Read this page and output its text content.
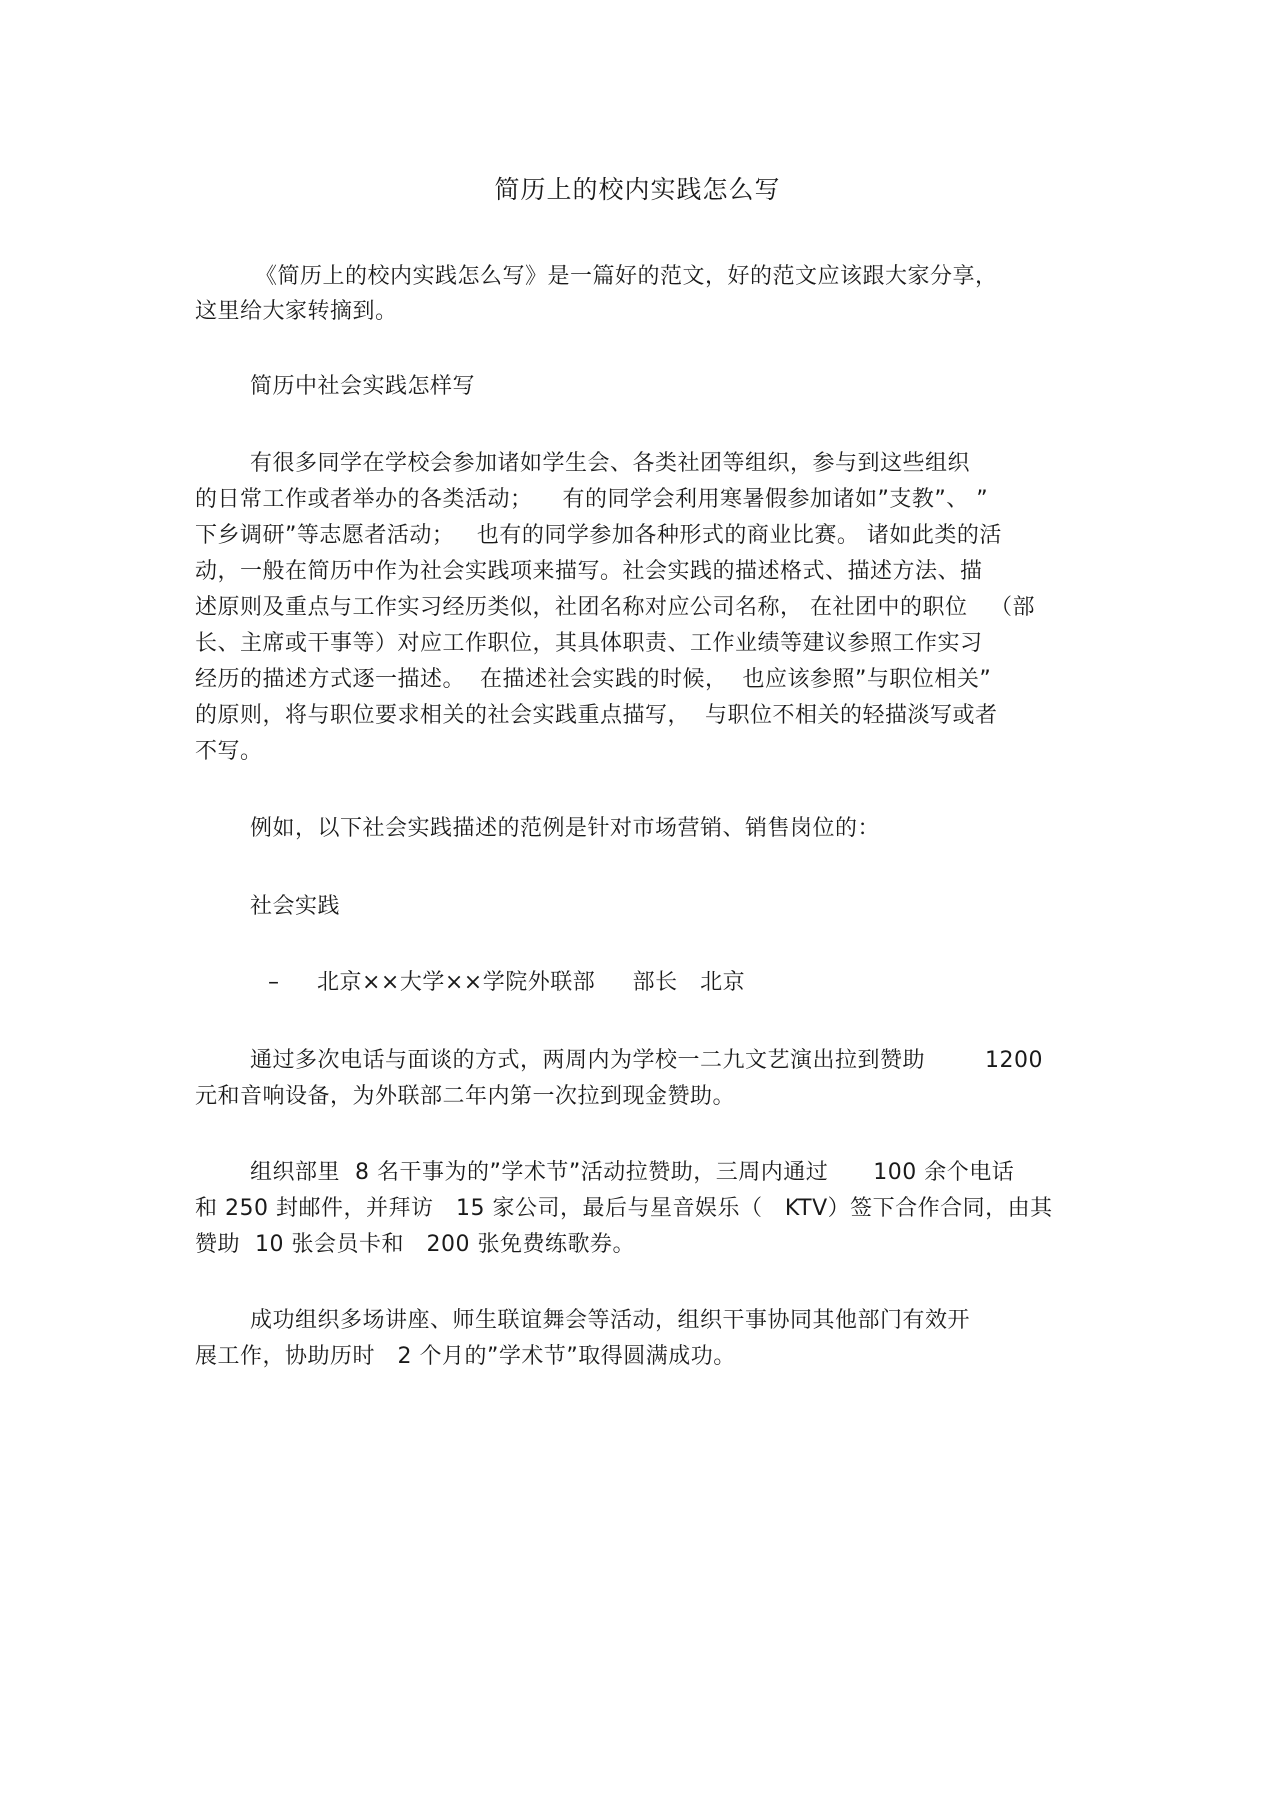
简历上的校内实践怎么写
《简历上的校内实践怎么写》是一篇好的范文，好的范文应该跟大家分享，
这里给大家转摘到。
简历中社会实践怎样写
有很多同学在学校会参加诸如学生会、各类社团等组织，参与到这些组织
的日常工作或者举办的各类活动；    有的同学会利用寒暑假参加诸如”支教”、 ”
下乡调研”等志愿者活动；   也有的同学参加各种形式的商业比赛。 诸如此类的活
动，一般在简历中作为社会实践项来描写。社会实践的描述格式、描述方法、描
述原则及重点与工作实习经历类似，社团名称对应公司名称， 在社团中的职位   （部
长、主席或干事等）对应工作职位，其具体职责、工作业绩等建议参照工作实习
经历的描述方式逐一描述。  在描述社会实践的时候，  也应该参照”与职位相关”
的原则，将与职位要求相关的社会实践重点描写，  与职位不相关的轻描淡写或者
不写。
例如，以下社会实践描述的范例是针对市场营销、销售岗位的：
社会实践
–     北京××大学××学院外联部     部长   北京
通过多次电话与面谈的方式，两周内为学校一二九文艺演出拉到赞助        1200
元和音响设备，为外联部二年内第一次拉到现金赞助。
组织部里  8 名干事为的”学术节”活动拉赞助，三周内通过      100 余个电话
和 250 封邮件，并拜访   15 家公司，最后与星音娱乐（   KTV）签下合作合同，由其
赞助  10 张会员卡和   200 张免费练歌券。
成功组织多场讲座、师生联谊舞会等活动，组织干事协同其他部门有效开
展工作，协助历时   2 个月的”学术节”取得圆满成功。
